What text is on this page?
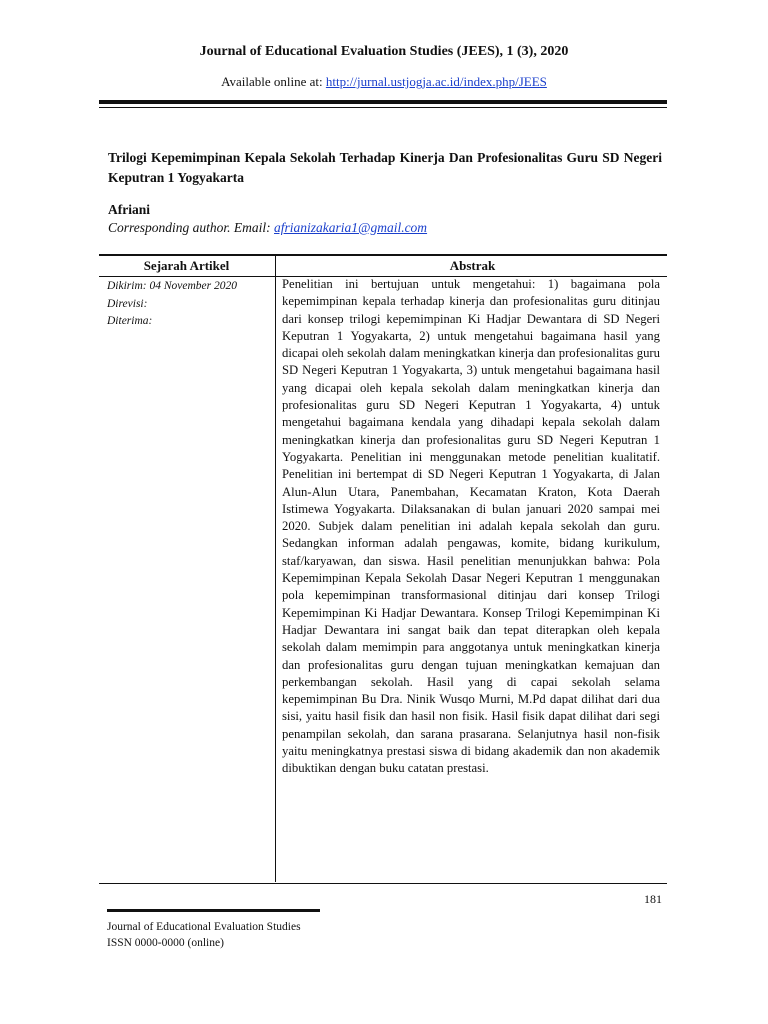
Journal of Educational Evaluation Studies (JEES), 1 (3), 2020
Available online at: http://jurnal.ustjogja.ac.id/index.php/JEES
Trilogi Kepemimpinan Kepala Sekolah Terhadap Kinerja Dan Profesionalitas Guru SD Negeri Keputran 1 Yogyakarta
Afriani
Corresponding author. Email: afrianizakaria1@gmail.com
Sejarah Artikel	Abstrak
Dikirim: 04 November 2020
Direvisi:
Diterima:
Penelitian ini bertujuan untuk mengetahui: 1) bagaimana pola kepemimpinan kepala terhadap kinerja dan profesionalitas guru ditinjau dari konsep trilogi kepemimpinan Ki Hadjar Dewantara di SD Negeri Keputran 1 Yogyakarta, 2) untuk mengetahui bagaimana hasil yang dicapai oleh sekolah dalam meningkatkan kinerja dan profesionalitas guru SD Negeri Keputran 1 Yogyakarta, 3) untuk mengetahui bagaimana hasil yang dicapai oleh kepala sekolah dalam meningkatkan kinerja dan profesionalitas guru SD Negeri Keputran 1 Yogyakarta, 4) untuk mengetahui bagaimana kendala yang dihadapi kepala sekolah dalam meningkatkan kinerja dan profesionalitas guru SD Negeri Keputran 1 Yogyakarta. Penelitian ini menggunakan metode penelitian kualitatif. Penelitian ini bertempat di SD Negeri Keputran 1 Yogyakarta, di Jalan Alun-Alun Utara, Panembahan, Kecamatan Kraton, Kota Daerah Istimewa Yogyakarta. Dilaksanakan di bulan januari 2020 sampai mei 2020. Subjek dalam penelitian ini adalah kepala sekolah dan guru. Sedangkan informan adalah pengawas, komite, bidang kurikulum, staf/karyawan, dan siswa. Hasil penelitian menunjukkan bahwa: Pola Kepemimpinan Kepala Sekolah Dasar Negeri Keputran 1 menggunakan pola kepemimpinan transformasional ditinjau dari konsep Trilogi Kepemimpinan Ki Hadjar Dewantara. Konsep Trilogi Kepemimpinan Ki Hadjar Dewantara ini sangat baik dan tepat diterapkan oleh kepala sekolah dalam memimpin para anggotanya untuk meningkatkan kinerja dan profesionalitas guru dengan tujuan meningkatkan kemajuan dan perkembangan sekolah. Hasil yang di capai sekolah selama kepemimpinan Bu Dra. Ninik Wusqo Murni, M.Pd dapat dilihat dari dua sisi, yaitu hasil fisik dan hasil non fisik. Hasil fisik dapat dilihat dari segi penampilan sekolah, dan sarana prasarana. Selanjutnya hasil non-fisik yaitu meningkatnya prestasi siswa di bidang akademik dan non akademik dibuktikan dengan buku catatan prestasi.
181
Journal of Educational Evaluation Studies
ISSN 0000-0000 (online)
